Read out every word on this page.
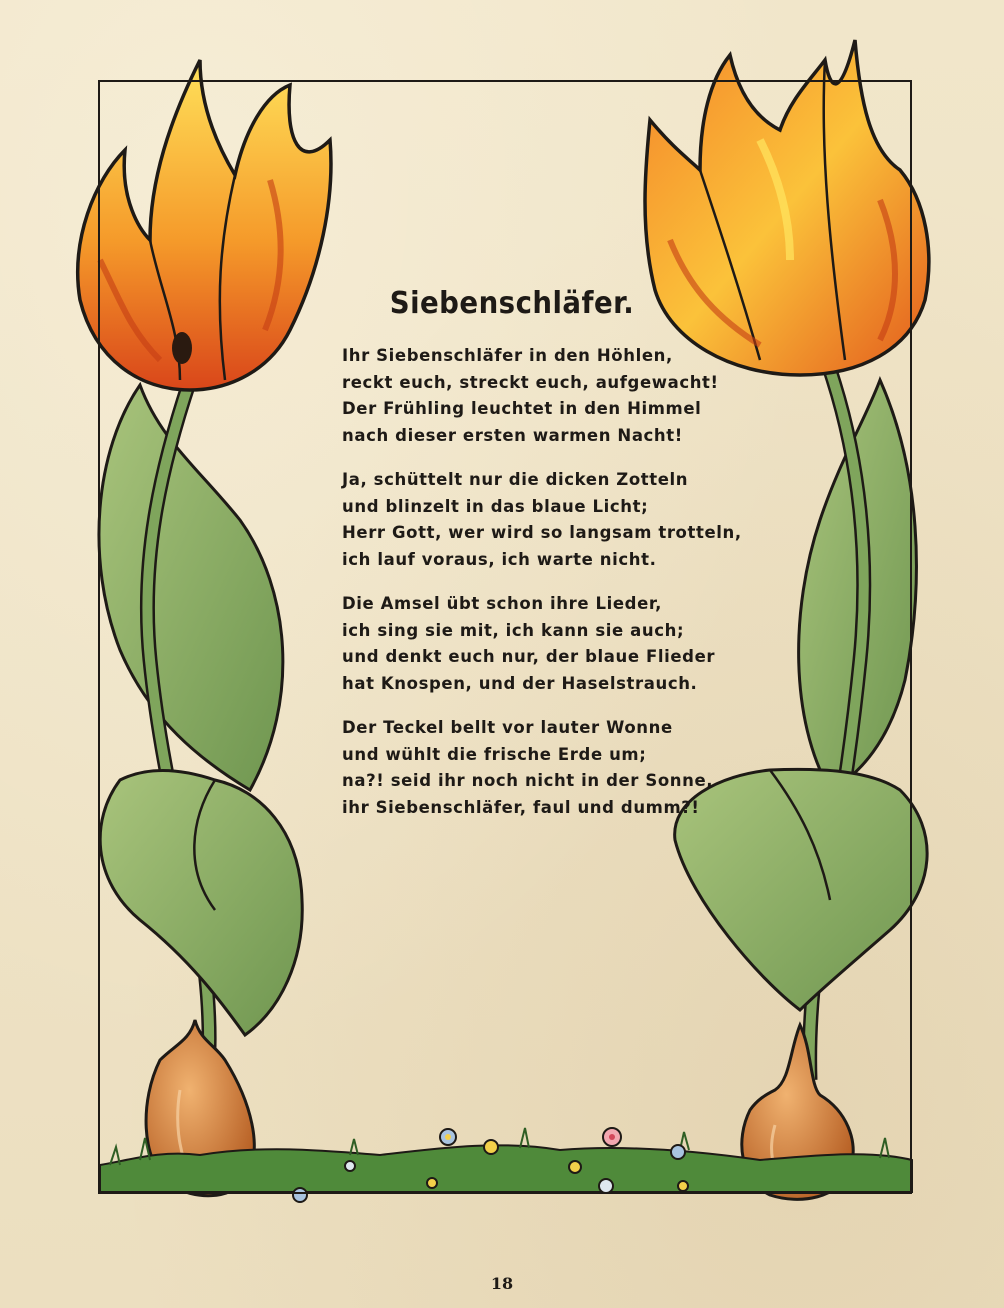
Siebenschläfer.
Ihr Siebenschläfer in den Höhlen,
reckt euch, streckt euch, aufgewacht!
Der Frühling leuchtet in den Himmel
nach dieser ersten warmen Nacht!
Ja, schüttelt nur die dicken Zotteln
und blinzelt in das blaue Licht;
Herr Gott, wer wird so langsam trotteln,
ich lauf voraus, ich warte nicht.
Die Amsel übt schon ihre Lieder,
ich sing sie mit, ich kann sie auch;
und denkt euch nur, der blaue Flieder
hat Knospen, und der Haselstrauch.
Der Teckel bellt vor lauter Wonne
und wühlt die frische Erde um;
na?! seid ihr noch nicht in der Sonne,
ihr Siebenschläfer, faul und dumm?!
18
